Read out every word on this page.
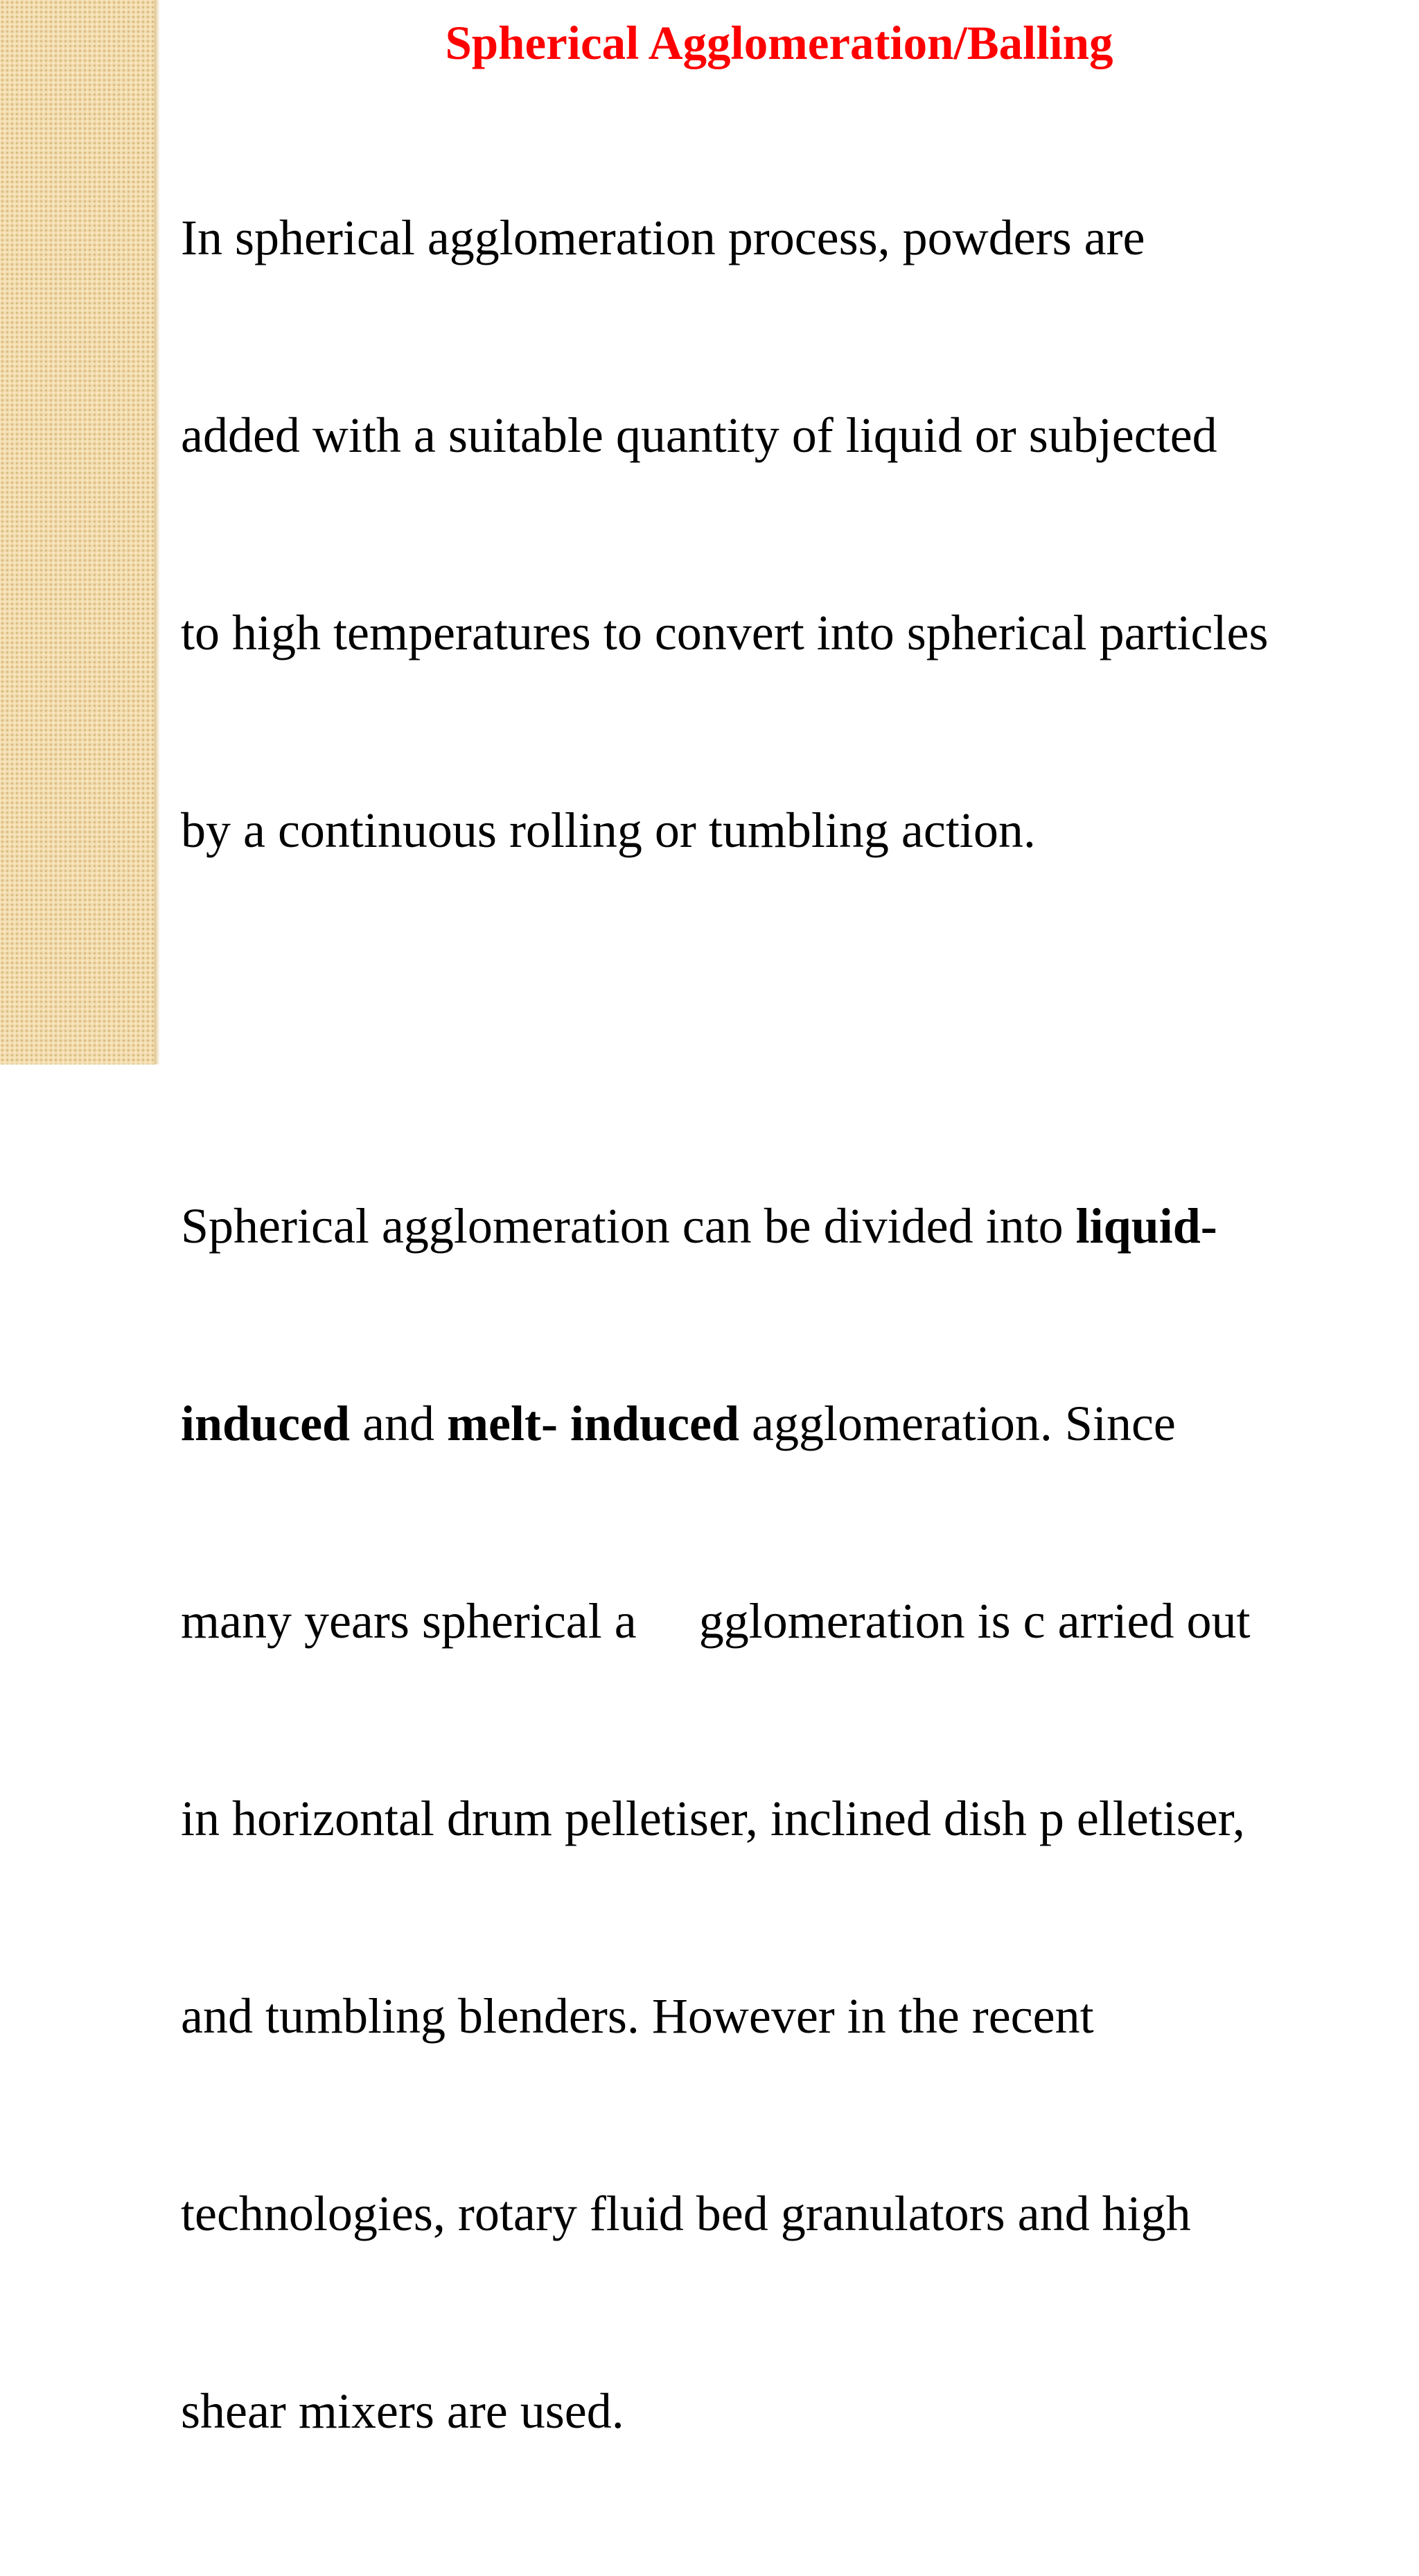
Spherical Agglomeration/Balling

In spherical agglomeration process, powders are

added with a suitable quantity of liquid or subjected

to high temperatures to convert into spherical particles

by a continuous rolling or tumbling action.

Spherical agglomeration can be divided into liquid-

induced and melt- induced agglomeration. Since

many years spherical a     gglomeration is c arried out

in horizontal drum pelletiser, inclined dish p elletiser,

and tumbling blenders. However in the recent

technologies, rotary fluid bed granulators and high

shear mixers are used.
